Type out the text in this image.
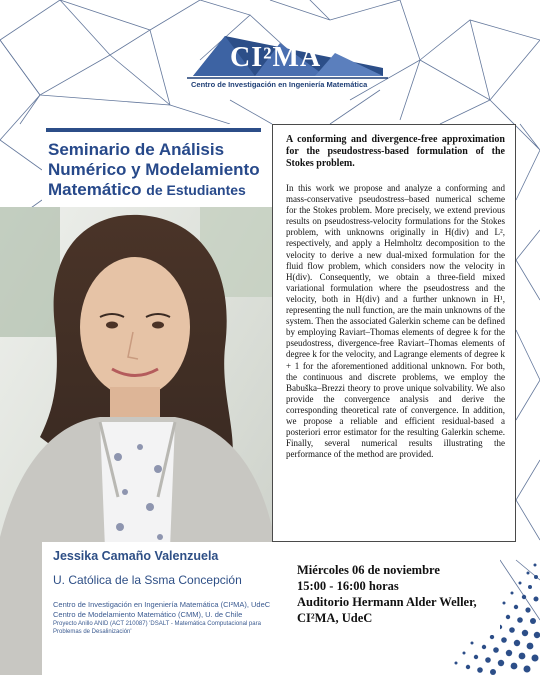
CI²MA
Centro de Investigación en Ingeniería Matemática
Seminario de Análisis
Numérico y Modelamiento
Matemático de Estudiantes

A conforming and divergence-free approximation for the pseudostress-based formulation of the Stokes problem.

In this work we propose and analyze a conforming and mass-conservative pseudostress–based numerical scheme for the Stokes problem. More precisely, we extend previous results on pseudostress-velocity formulations for the Stokes problem, with unknowns originally in H(div) and L², respectively, and apply a Helmholtz decomposition to the velocity to derive a new dual-mixed formulation for the fluid flow problem, which considers now the velocity in H(div). Consequently, we obtain a three-field mixed variational formulation where the pseudostress and the velocity, both in H(div) and a further unknown in H¹, representing the null function, are the main unknowns of the system. Then the associated Galerkin scheme can be defined by employing Raviart–Thomas elements of degree k for the pseudostress, divergence-free Raviart–Thomas elements of degree k for the velocity, and Lagrange elements of degree k + 1 for the aforementioned additional unknown. For both, the continuous and discrete problems, we employ the Babuška–Brezzi theory to prove unique solvability. We also provide the convergence analysis and derive the corresponding theoretical rate of convergence. In addition, we propose a reliable and efficient residual-based a posteriori error estimator for the resulting Galerkin scheme. Finally, several numerical results illustrating the performance of the method are provided.

Jessika Camaño Valenzuela
U. Católica de la Ssma Concepción
Centro de Investigación en Ingeniería Matemática (CI²MA), UdeC
Centro de Modelamiento Matemático (CMM), U. de Chile
Proyecto Anillo ANID (ACT 210087) 'DSALT - Matemática Computacional para
Problemas de Desalinización'
Miércoles 06 de noviembre
15:00 - 16:00 horas
Auditorio Hermann Alder Weller,
CI²MA, UdeC
